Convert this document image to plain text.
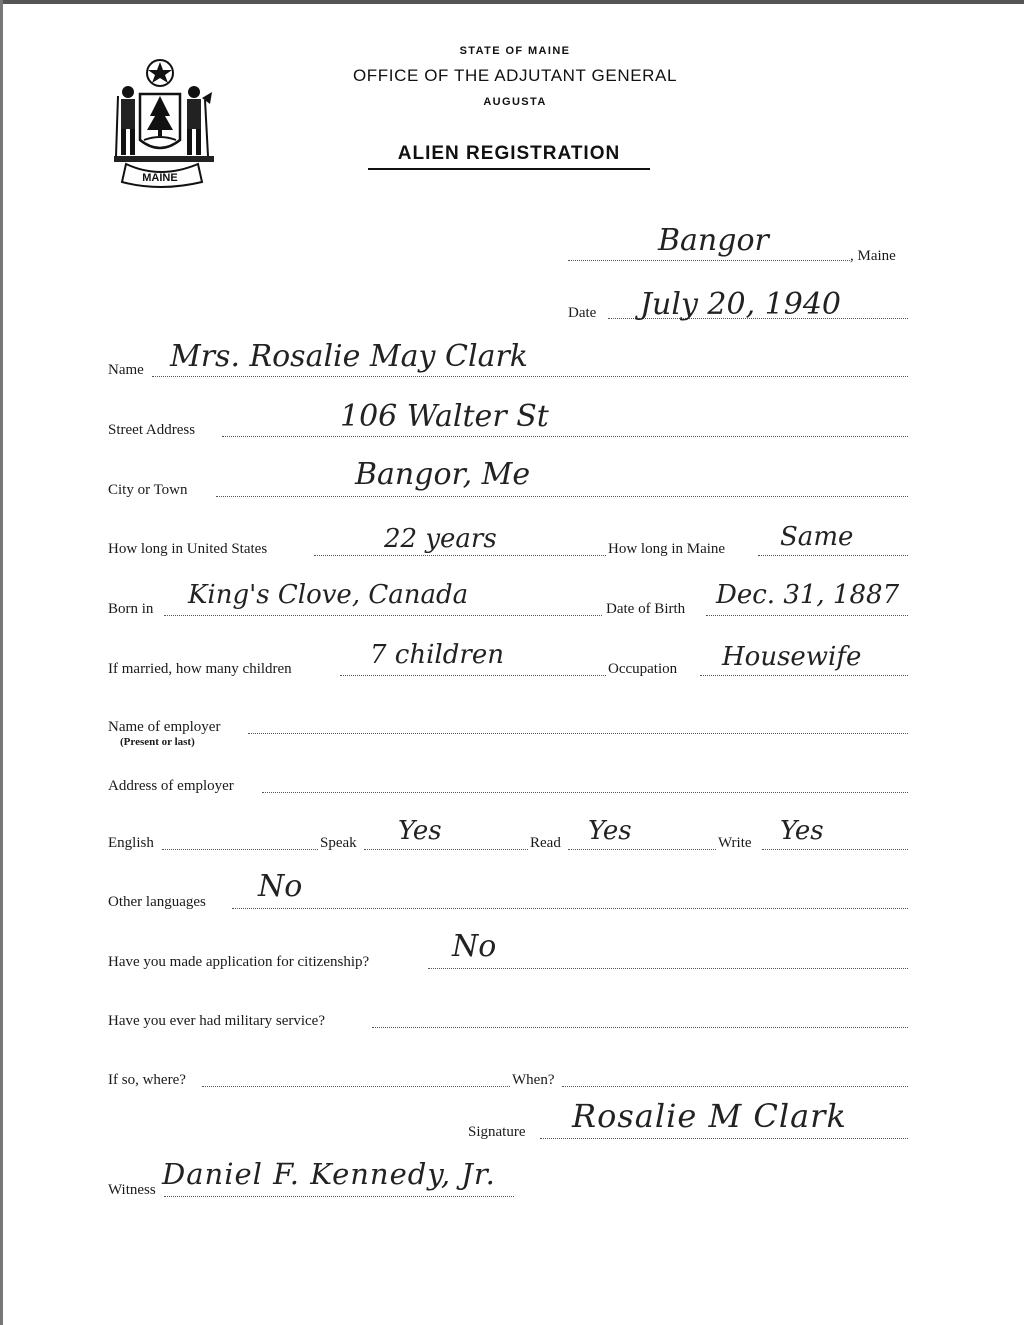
MAINE
STATE OF MAINE
OFFICE OF THE ADJUTANT GENERAL
AUGUSTA
ALIEN REGISTRATION
Bangor	, Maine
Date July 20, 1940
Name Mrs. Rosalie May Clark
Street Address	106 Walter St
City or Town	Bangor, Me
How long in United States	22 years	How long in Maine Same
Born in King's Clove, Canada	Date of Birth Dec. 31, 1887
If married, how many children	7 children	Occupation Housewife
Name of employer
(Present or last)
Address of employer
English	Speak Yes	Read Yes	Write Yes
Other languages No
Have you made application for citizenship?	No
Have you ever had military service?
If so, where?	When?
Signature Rosalie M Clark
Witness Daniel F. Kennedy, Jr.
